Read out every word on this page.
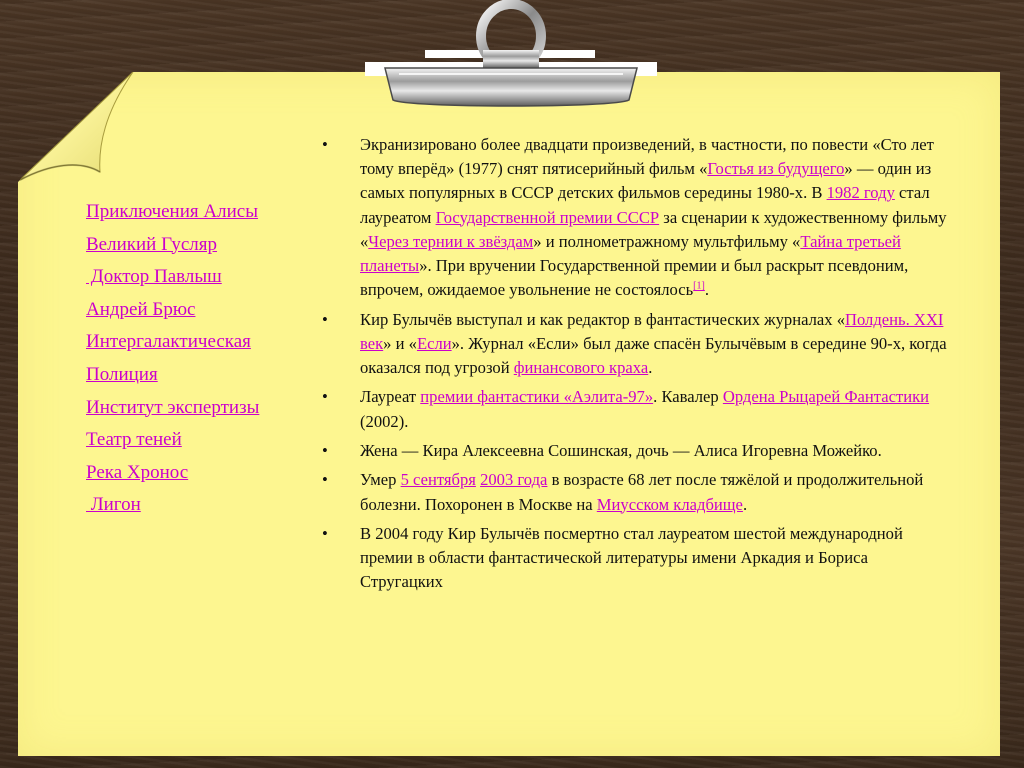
Приключения Алисы
Великий Гусляр
Доктор Павлыш
Андрей Брюс
Интергалактическая
Полиция
Институт экспертизы
Театр теней
Река Хронос
Лигон
•	Экранизировано более двадцати произведений, в частности, по повести «Сто лет тому вперёд» (1977) снят пятисерийный фильм «Гостья из будущего» — один из самых популярных в СССР детских фильмов середины 1980-х. В 1982 году стал лауреатом Государственной премии СССР за сценарии к художественному фильму «Через тернии к звёздам» и полнометражному мультфильму «Тайна третьей планеты». При вручении Государственной премии и был раскрыт псевдоним, впрочем, ожидаемое увольнение не состоялось[1].
•	Кир Булычёв выступал и как редактор в фантастических журналах «Полдень. XXI век» и «Если». Журнал «Если» был даже спасён Булычёвым в середине 90-х, когда оказался под угрозой финансового краха.
•	Лауреат премии фантастики «Аэлита-97». Кавалер Ордена Рыцарей Фантастики (2002).
•	Жена — Кира Алексеевна Сошинская, дочь — Алиса Игоревна Можейко.
•	Умер 5 сентября 2003 года в возрасте 68 лет после тяжёлой и продолжительной болезни. Похоронен в Москве на Миусском кладбище.
•	В 2004 году Кир Булычёв посмертно стал лауреатом шестой международной премии в области фантастической литературы имени Аркадия и Бориса Стругацких
